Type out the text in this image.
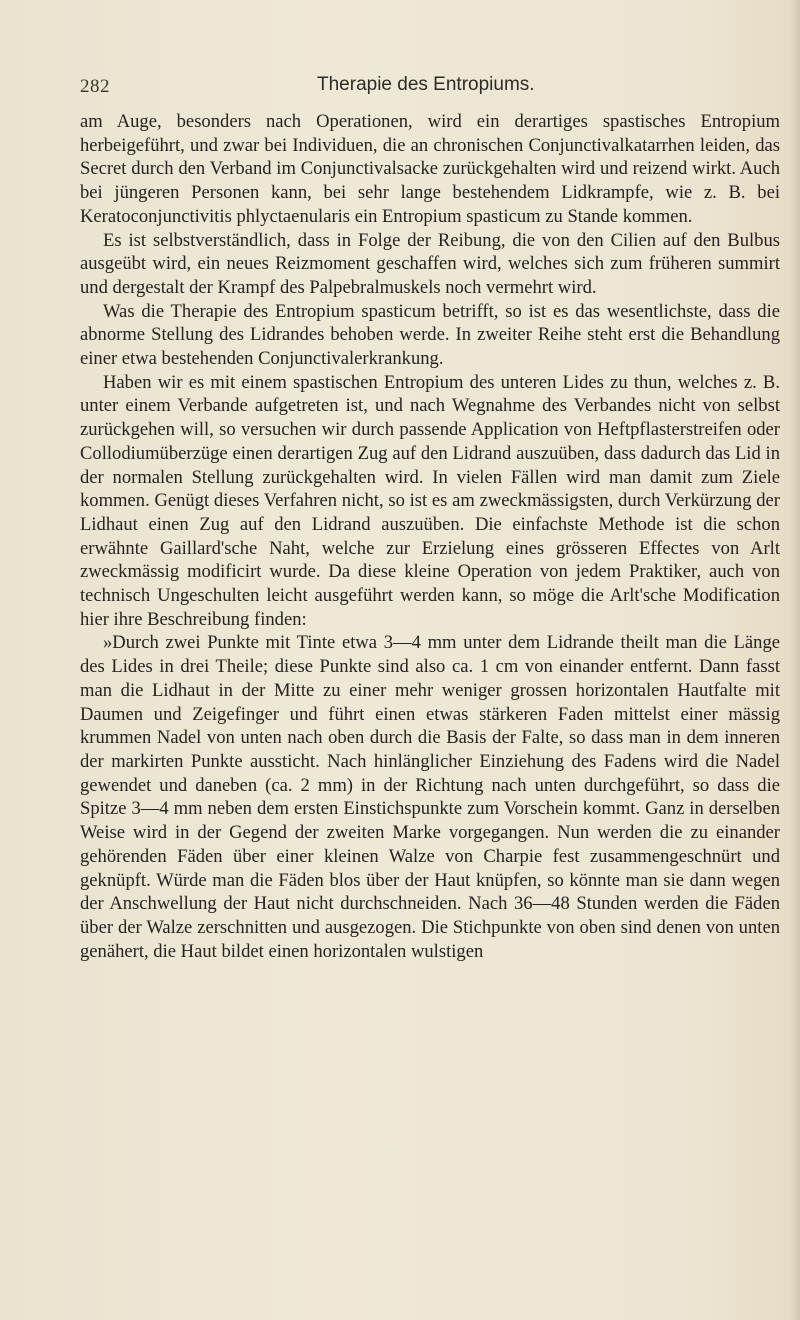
282	Therapie des Entropiums.

am Auge, besonders nach Operationen, wird ein derartiges spastisches Entropium herbeigeführt, und zwar bei Individuen, die an chronischen Conjunctivalkatarrhen leiden, das Secret durch den Verband im Conjunctivalsacke zurückgehalten wird und reizend wirkt. Auch bei jüngeren Personen kann, bei sehr lange bestehendem Lidkrampfe, wie z. B. bei Keratoconjunctivitis phlyctaenularis ein Entropium spasticum zu Stande kommen.

Es ist selbstverständlich, dass in Folge der Reibung, die von den Cilien auf den Bulbus ausgeübt wird, ein neues Reizmoment geschaffen wird, welches sich zum früheren summirt und dergestalt der Krampf des Palpebralmuskels noch vermehrt wird.

Was die Therapie des Entropium spasticum betrifft, so ist es das wesentlichste, dass die abnorme Stellung des Lidrandes behoben werde. In zweiter Reihe steht erst die Behandlung einer etwa bestehenden Conjunctivalerkrankung.

Haben wir es mit einem spastischen Entropium des unteren Lides zu thun, welches z. B. unter einem Verbande aufgetreten ist, und nach Wegnahme des Verbandes nicht von selbst zurückgehen will, so versuchen wir durch passende Application von Heftpflasterstreifen oder Collodiumüberzüge einen derartigen Zug auf den Lidrand auszuüben, dass dadurch das Lid in der normalen Stellung zurückgehalten wird. In vielen Fällen wird man damit zum Ziele kommen. Genügt dieses Verfahren nicht, so ist es am zweckmässigsten, durch Verkürzung der Lidhaut einen Zug auf den Lidrand auszuüben. Die einfachste Methode ist die schon erwähnte Gaillard'sche Naht, welche zur Erzielung eines grösseren Effectes von Arlt zweckmässig modificirt wurde. Da diese kleine Operation von jedem Praktiker, auch von technisch Ungeschulten leicht ausgeführt werden kann, so möge die Arlt'sche Modification hier ihre Beschreibung finden:

»Durch zwei Punkte mit Tinte etwa 3—4 mm unter dem Lidrande theilt man die Länge des Lides in drei Theile; diese Punkte sind also ca. 1 cm von einander entfernt. Dann fasst man die Lidhaut in der Mitte zu einer mehr weniger grossen horizontalen Hautfalte mit Daumen und Zeigefinger und führt einen etwas stärkeren Faden mittelst einer mässig krummen Nadel von unten nach oben durch die Basis der Falte, so dass man in dem inneren der markirten Punkte aussticht. Nach hinlänglicher Einziehung des Fadens wird die Nadel gewendet und daneben (ca. 2 mm) in der Richtung nach unten durchgeführt, so dass die Spitze 3—4 mm neben dem ersten Einstichspunkte zum Vorschein kommt. Ganz in derselben Weise wird in der Gegend der zweiten Marke vorgegangen. Nun werden die zu einander gehörenden Fäden über einer kleinen Walze von Charpie fest zusammengeschnürt und geknüpft. Würde man die Fäden blos über der Haut knüpfen, so könnte man sie dann wegen der Anschwellung der Haut nicht durchschneiden. Nach 36—48 Stunden werden die Fäden über der Walze zerschnitten und ausgezogen. Die Stichpunkte von oben sind denen von unten genähert, die Haut bildet einen horizontalen wulstigen
